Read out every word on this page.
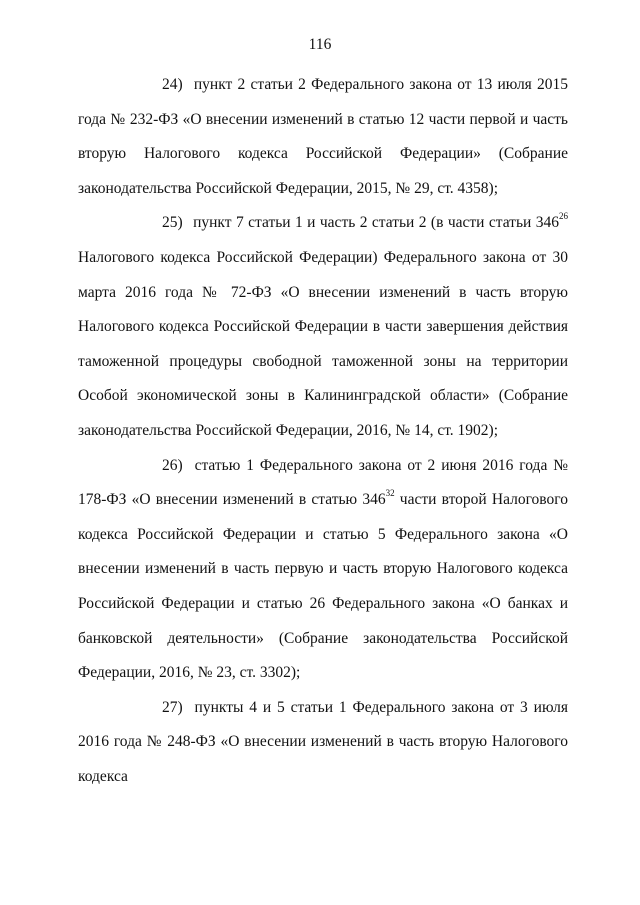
116

24) пункт 2 статьи 2 Федерального закона от 13 июля 2015 года № 232-ФЗ «О внесении изменений в статью 12 части первой и часть вторую Налогового кодекса Российской Федерации» (Собрание законодательства Российской Федерации, 2015, № 29, ст. 4358);

25) пункт 7 статьи 1 и часть 2 статьи 2 (в части статьи $346^{26}$ Налогового кодекса Российской Федерации) Федерального закона от 30 марта 2016 года № 72-ФЗ «О внесении изменений в часть вторую Налогового кодекса Российской Федерации в части завершения действия таможенной процедуры свободной таможенной зоны на территории Особой экономической зоны в Калининградской области» (Собрание законодательства Российской Федерации, 2016, № 14, ст. 1902);

26) статью 1 Федерального закона от 2 июня 2016 года № 178-ФЗ «О внесении изменений в статью $346^{32}$ части второй Налогового кодекса Российской Федерации и статью 5 Федерального закона «О внесении изменений в часть первую и часть вторую Налогового кодекса Российской Федерации и статью 26 Федерального закона «О банках и банковской деятельности» (Собрание законодательства Российской Федерации, 2016, № 23, ст. 3302);

27) пункты 4 и 5 статьи 1 Федерального закона от 3 июля 2016 года № 248-ФЗ «О внесении изменений в часть вторую Налогового кодекса
